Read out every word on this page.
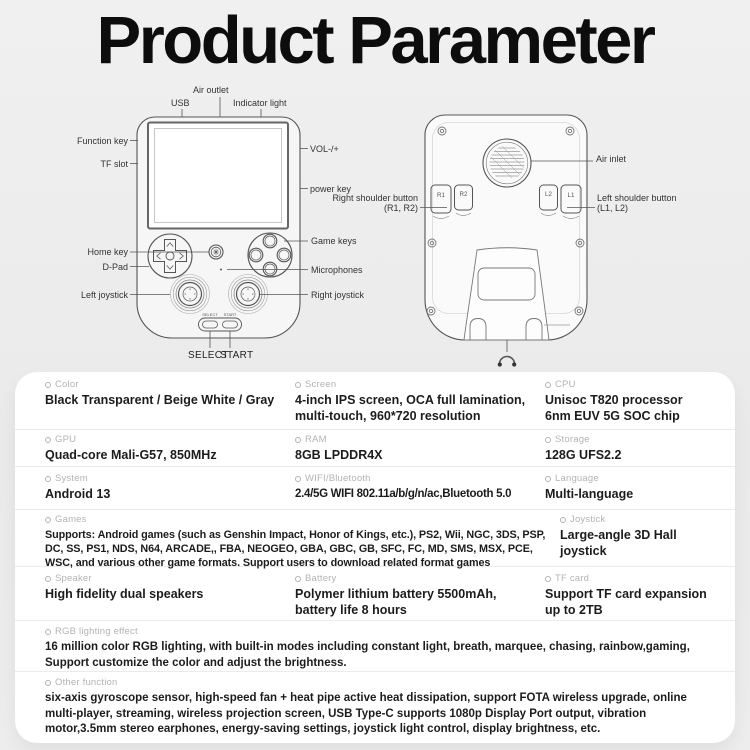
Product Parameter
SELECT START
R1 R2	L2	L1
Air outlet
USB	Indicator light
Function key
TF slot
VOL-/+
power key
Home key
D-Pad
Left joystick
Game keys
Microphones
Right joystick
SELECT
START
Air inlet
Right shoulder button
(R1, R2)
Left shoulder button
(L1, L2)
Color
Black Transparent / Beige White / Gray
Screen
4-inch IPS screen, OCA full lamination, multi-touch, 960*720 resolution
CPU
Unisoc T820 processor 6nm EUV 5G SOC chip
GPU
Quad-core Mali-G57, 850MHz
RAM
8GB LPDDR4X
Storage
128G UFS2.2
System
Android 13
WIFI/Bluetooth
2.4/5G WIFI 802.11a/b/g/n/ac,Bluetooth 5.0
Language
Multi-language
Games
Supports: Android games (such as Genshin Impact, Honor of Kings, etc.), PS2, Wii, NGC, 3DS, PSP, DC, SS, PS1, NDS, N64, ARCADE,, FBA, NEOGEO, GBA, GBC, GB, SFC, FC, MD, SMS, MSX, PCE, WSC, and various other game formats. Support users to download related format games
Joystick
Large-angle 3D Hall joystick
Speaker
High fidelity dual speakers
Battery
Polymer lithium battery 5500mAh, battery life 8 hours
TF card
Support TF card expansion up to 2TB
RGB lighting effect
16 million color RGB lighting, with built-in modes including constant light, breath, marquee, chasing, rainbow,gaming, Support customize the color and adjust the brightness.
Other function
six-axis gyroscope sensor, high-speed fan + heat pipe active heat dissipation, support FOTA wireless upgrade, online multi-player, streaming, wireless projection screen, USB Type-C supports 1080p Display Port output, vibration motor,3.5mm stereo earphones, energy-saving settings, joystick light control, display brightness, etc.
